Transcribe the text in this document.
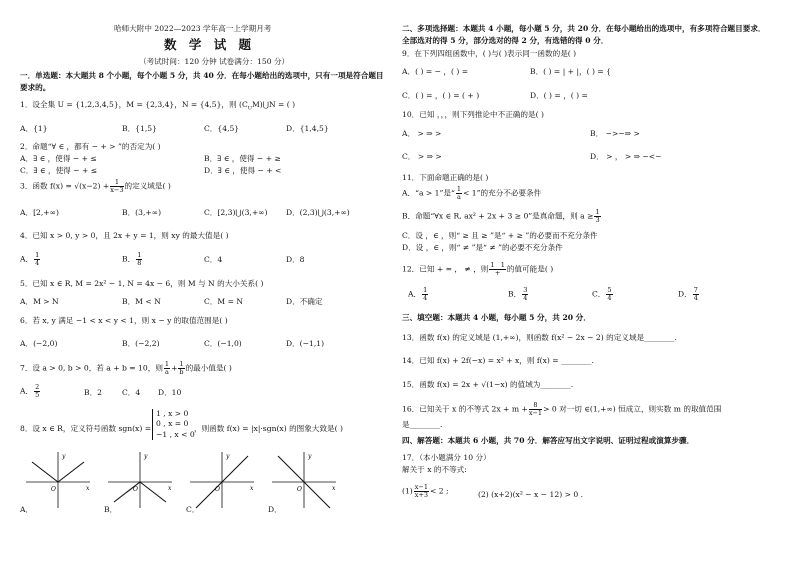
哈师大附中 2022—2023 学年高一上学期月考
数 学 试 题
（考试时间：120 分钟 试卷满分：150 分）
一．单选题：本大题共 8 个小题，每个小题 5 分，共 40 分．在每小题给出的选项中，只有一项是符合题目
要求的。
1．设全集 U = {1,2,3,4,5}，M = {2,3,4}，N = {4,5}，则 $(C_UM)⋃N$ = ( )
A．{1}	B．{1,5}	C．{4,5}	D．{1,4,5}
2．命题“∀ ∈ ，都有 − + > ”的否定为( )
A．∃ ∈ ，使得 − + ≤	B．∃ ∈ ，使得 − + ≥
C．∃ ∈ ，使得 − + ≤	D．∃ ∈ ，使得 − + <
3．函数 $f(x) = √(x-2) + \frac{1}{x-3}$ 的定义域是( )
A．[2,+∞)	B．(3,+∞)	C．[2,3)⋃(3,+∞) D．(2,3)⋃(3,+∞)
4．已知 x > 0, y > 0，且 2x + y = 1，则 xy 的最大值是( )
A． $\frac{1}{4}$	B． $\frac{1}{8}$	C．4	D．8
5．已知 x ∈ R, M = 2x² − 1, N = 4x − 6，则 M 与 N 的大小关系( )
A．M > N	B．M < N	C．M = N	D．不确定
6．若 x, y 满足 −1 < x < y < 1，则 x − y 的取值范围是( )
A．(−2,0)	B．(−2,2)	C．(−1,0)	D．(−1,1)
7．设 a > 0, b > 0，若 a + b = 10，则 $\frac{1}{a} + \frac{1}{b}$ 的最小值是( )
A． $\frac{2}{5}$	B．2	C．4 D．10
8．设 x ∈ R，定义符号函数 sgn(x) =
1 , x > 0
0 , x = 0
−1 , x < 0
，则函数 f(x) = |x|·sgn(x) 的图象大致是( )
y
x
O
y
x
O
y
x
O
y
x
O
A．	B．	C．	D．
二、多项选择题：本题共 4 小题，每小题 5 分，共 20 分．在每小题给出的选项中，有多项符合题目要求．
全部选对的得 5 分，部分选对的得 2 分，有选错的得 0 分．
9．在下列四组函数中，( )与( )表示同一函数的是( )
A．( ) = − ，( ) =	B．( ) = | + |，( ) = {
C．( ) = ，( ) = ( + )	D．( ) = ，( ) =
10．已知 ，，，则下列推论中不正确的是( )
A． > ⇒ >	B． −>−⇒ >
C． > ⇒ >	D． > ， > ⇒ −<−
11．下面命题正确的是( )
A．“a > 1”是“ $\frac{1}{a} < 1$”的充分不必要条件
B．命题“∀x ∈ R, ax² + 2x + 3 ≥ 0”是真命题，则 $a \ge \frac{1}{3}$
C．设 ，∈ ，则“ ≥ 且 ≥ ”是“ + ≥ ”的必要而不充分条件
D．设 ，∈ ，则“ ≠ ”是“ ≠ ”的必要不充分条件
12．已知 + = ， ≠ ，则 $\frac{1 1}{+}$ 的值可能是( )
A． $\frac{1}{4}$	B． $\frac{3}{4}$	C． $\frac{5}{4}$	D． $\frac{7}{4}$
三、填空题：本题共 4 小题，每小题 5 分，共 20 分．
13．函数 f(x) 的定义域是 (1,+∞)，则函数 f(x² − 2x − 2) 的定义域是________.
14．已知 f(x) + 2f(−x) = x² + x，则 f(x) = ________.
15．函数 f(x) = 2x + √(1−x) 的值域为________.
16．已知关于 x 的不等式 $2x + m + \frac{8}{x-1} > 0$ 对一切 ∈(1,+∞) 恒成立，则实数 m 的取值范围
是________.
四、解答题：本题共 6 小题，共 70 分．解答应写出文字说明、证明过程或演算步骤．
17．（本小题满分 10 分）
解关于 x 的不等式:
$(1) \frac{x-1}{x+3} < 2$ ;	(2) (x+2)(x² − x − 12) > 0 .
